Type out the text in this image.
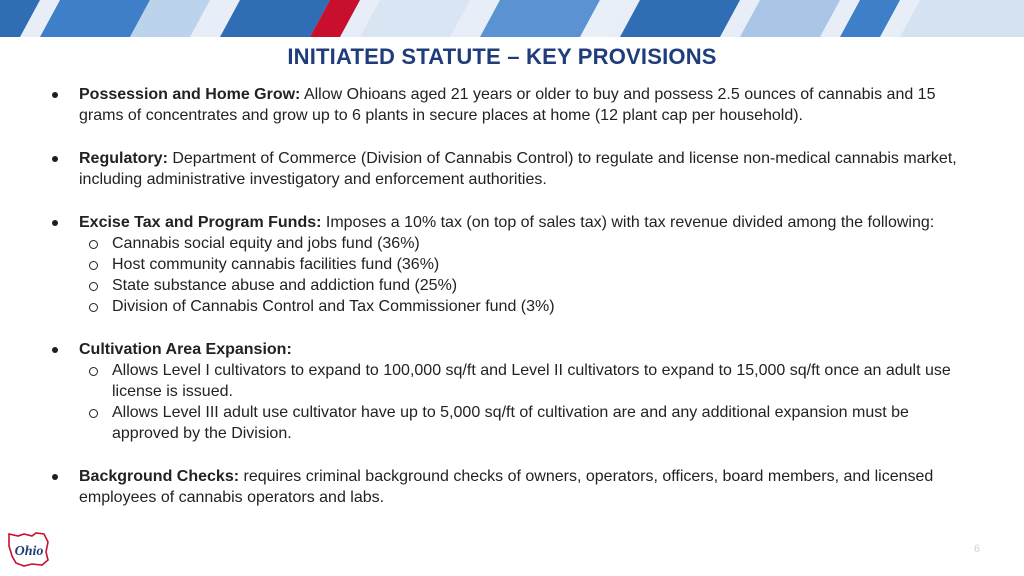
INITIATED STATUTE – KEY PROVISIONS
Possession and Home Grow: Allow Ohioans aged 21 years or older to buy and possess 2.5 ounces of cannabis and 15 grams of concentrates and grow up to 6 plants in secure places at home (12 plant cap per household).
Regulatory: Department of Commerce (Division of Cannabis Control) to regulate and license non-medical cannabis market, including administrative investigatory and enforcement authorities.
Excise Tax and Program Funds: Imposes a 10% tax (on top of sales tax) with tax revenue divided among the following:
Cannabis social equity and jobs fund (36%)
Host community cannabis facilities fund (36%)
State substance abuse and addiction fund (25%)
Division of Cannabis Control and Tax Commissioner fund (3%)
Cultivation Area Expansion:
Allows Level I cultivators to expand to 100,000 sq/ft and Level II cultivators to expand to 15,000 sq/ft once an adult use license is issued.
Allows Level III adult use cultivator have up to 5,000 sq/ft of cultivation are and any additional expansion must be approved by the Division.
Background Checks: requires criminal background checks of owners, operators, officers, board members, and licensed employees of cannabis operators and labs.
Ohio	6
